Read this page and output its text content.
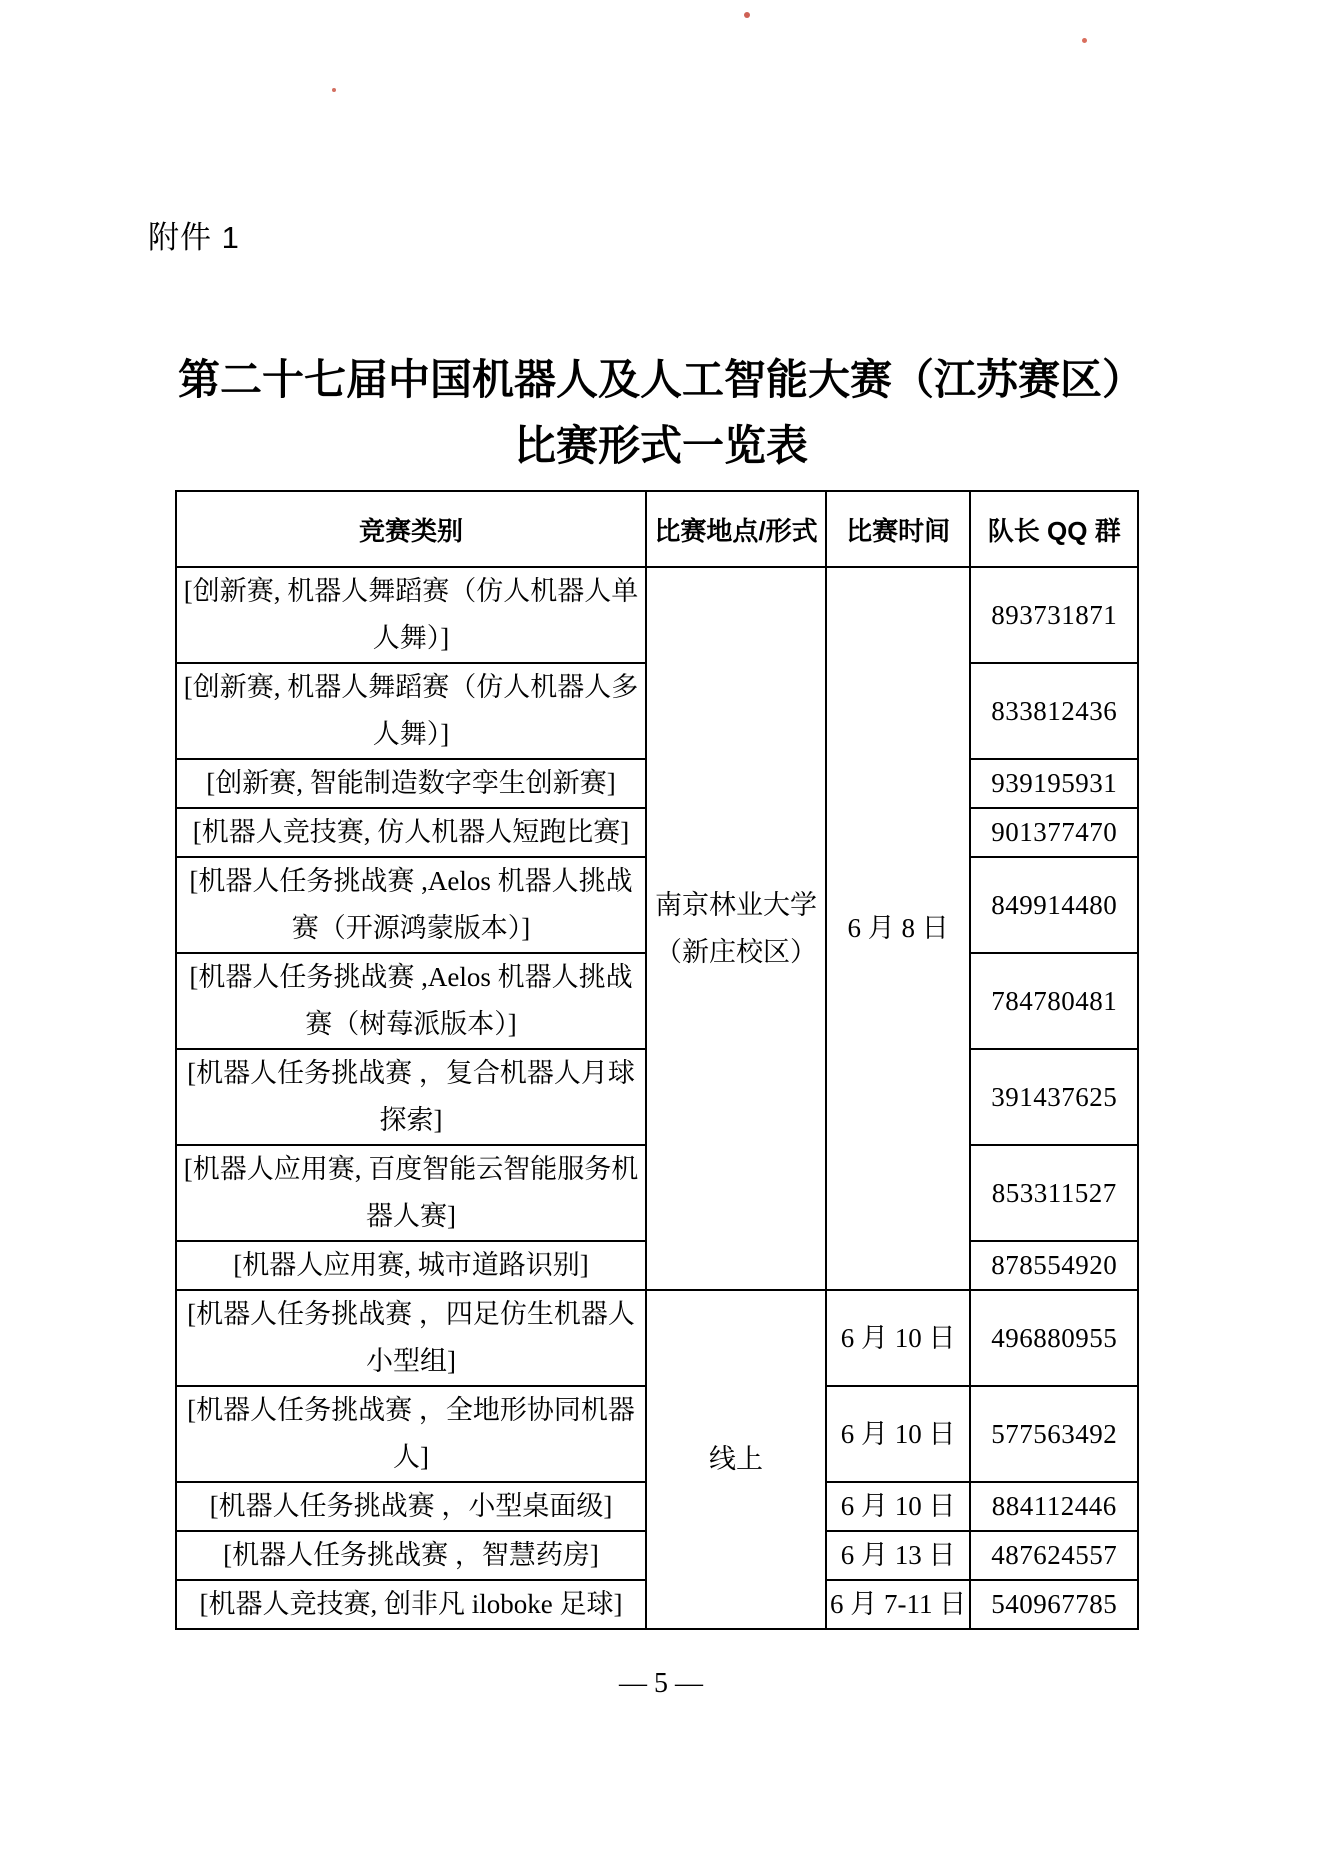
附件 1
第二十七届中国机器人及人工智能大赛（江苏赛区）
比赛形式一览表
竞赛类别	比赛地点/形式	比赛时间	队长 QQ 群
[创新赛, 机器人舞蹈赛（仿人机器人单人舞）]	南京林业大学（新庄校区）	6 月 8 日	893731871
[创新赛, 机器人舞蹈赛（仿人机器人多人舞）]			833812436
[创新赛, 智能制造数字孪生创新赛]			939195931
[机器人竞技赛, 仿人机器人短跑比赛]			901377470
[机器人任务挑战赛 ,Aelos 机器人挑战赛（开源鸿蒙版本）]			849914480
[机器人任务挑战赛 ,Aelos 机器人挑战赛（树莓派版本）]			784780481
[机器人任务挑战赛 ，复合机器人月球探索]			391437625
[机器人应用赛, 百度智能云智能服务机器人赛]			853311527
[机器人应用赛, 城市道路识别]			878554920
[机器人任务挑战赛 ，四足仿生机器人小型组]	线上	6 月 10 日	496880955
[机器人任务挑战赛 ，全地形协同机器人]		6 月 10 日	577563492
[机器人任务挑战赛 ，小型桌面级]		6 月 10 日	884112446
[机器人任务挑战赛 ，智慧药房]		6 月 13 日	487624557
[机器人竞技赛, 创非凡 iloboke 足球]		6 月 7-11 日	540967785
— 5 —
